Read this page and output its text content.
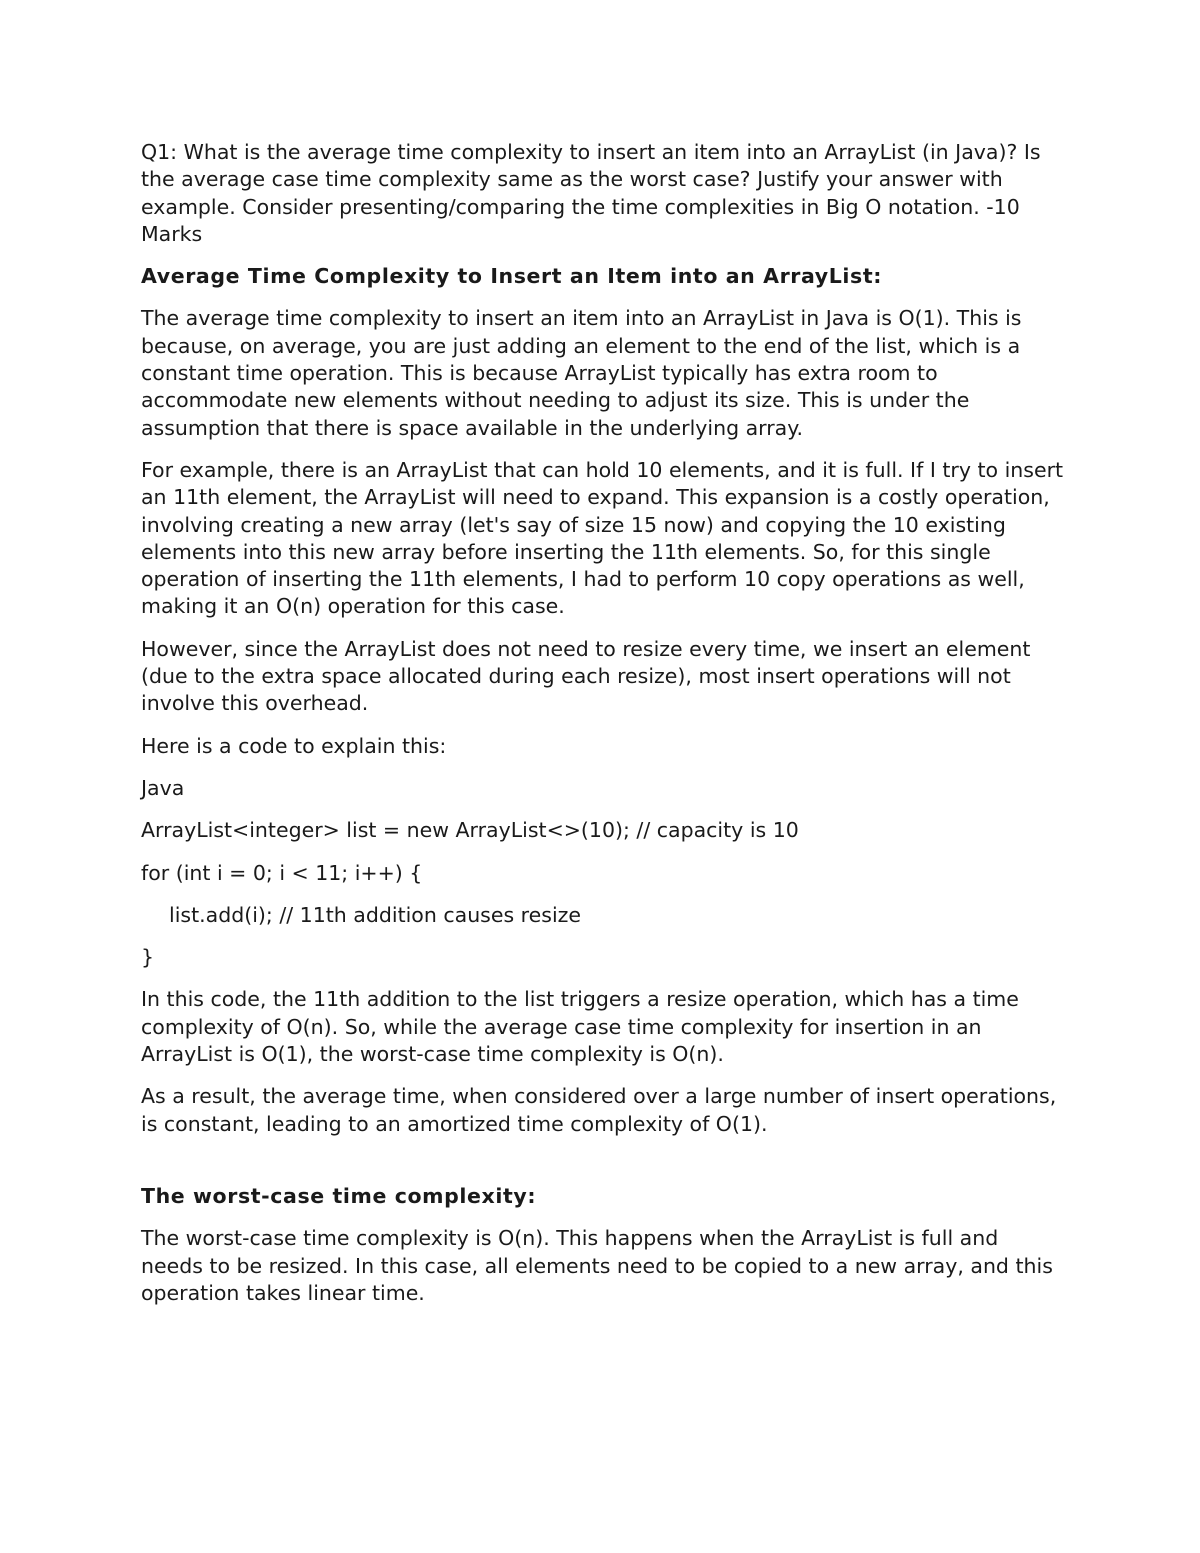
Q1: What is the average time complexity to insert an item into an ArrayList (in Java)? Is the average case time complexity same as the worst case? Justify your answer with example. Consider presenting/comparing the time complexities in Big O notation. -10 Marks

Average Time Complexity to Insert an Item into an ArrayList:

The average time complexity to insert an item into an ArrayList in Java is O(1). This is because, on average, you are just adding an element to the end of the list, which is a constant time operation. This is because ArrayList typically has extra room to accommodate new elements without needing to adjust its size. This is under the assumption that there is space available in the underlying array.

For example, there is an ArrayList that can hold 10 elements, and it is full. If I try to insert an 11th element, the ArrayList will need to expand. This expansion is a costly operation, involving creating a new array (let's say of size 15 now) and copying the 10 existing elements into this new array before inserting the 11th elements. So, for this single operation of inserting the 11th elements, I had to perform 10 copy operations as well, making it an O(n) operation for this case.

However, since the ArrayList does not need to resize every time, we insert an element (due to the extra space allocated during each resize), most insert operations will not involve this overhead.

Here is a code to explain this:

Java

ArrayList<integer> list = new ArrayList<>(10); // capacity is 10

for (int i = 0; i < 11; i++) {

list.add(i); // 11th addition causes resize

}

In this code, the 11th addition to the list triggers a resize operation, which has a time complexity of O(n). So, while the average case time complexity for insertion in an ArrayList is O(1), the worst-case time complexity is O(n).

As a result, the average time, when considered over a large number of insert operations, is constant, leading to an amortized time complexity of O(1).

The worst-case time complexity:

The worst-case time complexity is O(n). This happens when the ArrayList is full and needs to be resized. In this case, all elements need to be copied to a new array, and this operation takes linear time.
